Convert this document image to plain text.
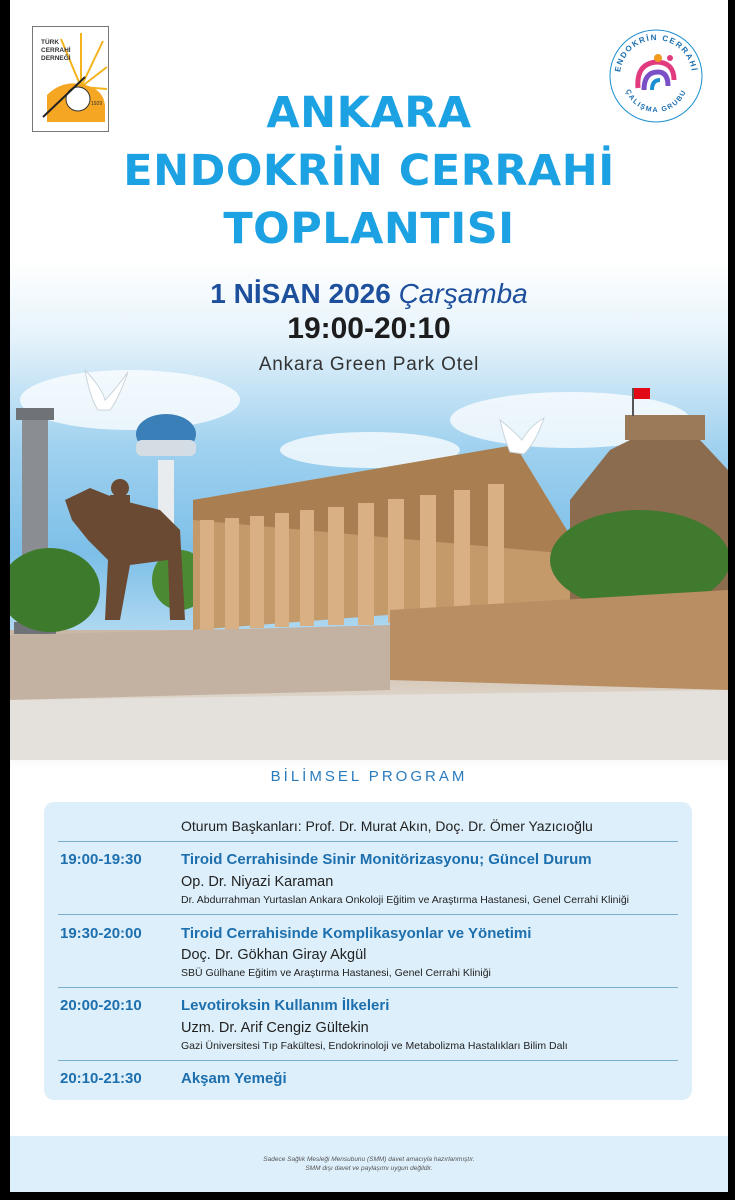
TÜRK
CERRAHİ
DERNEĞİ
1929
ENDOKRİN CERRAHİ
ÇALIŞMA GRUBU
ANKARA
ENDOKRİN CERRAHİ
TOPLANTISI
1 NİSAN 2026 Çarşamba
19:00-20:10
Ankara Green Park Otel
BİLİMSEL PROGRAM
Oturum Başkanları: Prof. Dr. Murat Akın, Doç. Dr. Ömer Yazıcıoğlu
19:00-19:30	Tiroid Cerrahisinde Sinir Monitörizasyonu; Güncel Durum
Op. Dr. Niyazi Karaman
Dr. Abdurrahman Yurtaslan Ankara Onkoloji Eğitim ve Araştırma Hastanesi, Genel Cerrahi Kliniği
19:30-20:00	Tiroid Cerrahisinde Komplikasyonlar ve Yönetimi
Doç. Dr. Gökhan Giray Akgül
SBÜ Gülhane Eğitim ve Araştırma Hastanesi, Genel Cerrahi Kliniği
20:00-20:10	Levotiroksin Kullanım İlkeleri
Uzm. Dr. Arif Cengiz Gültekin
Gazi Üniversitesi Tıp Fakültesi, Endokrinoloji ve Metabolizma Hastalıkları Bilim Dalı
20:10-21:30	Akşam Yemeği
Sadece Sağlık Mesleği Mensubunu (SMM) davet amacıyla hazırlanmıştır.
SMM dışı davet ve paylaşımı uygun değildir.
